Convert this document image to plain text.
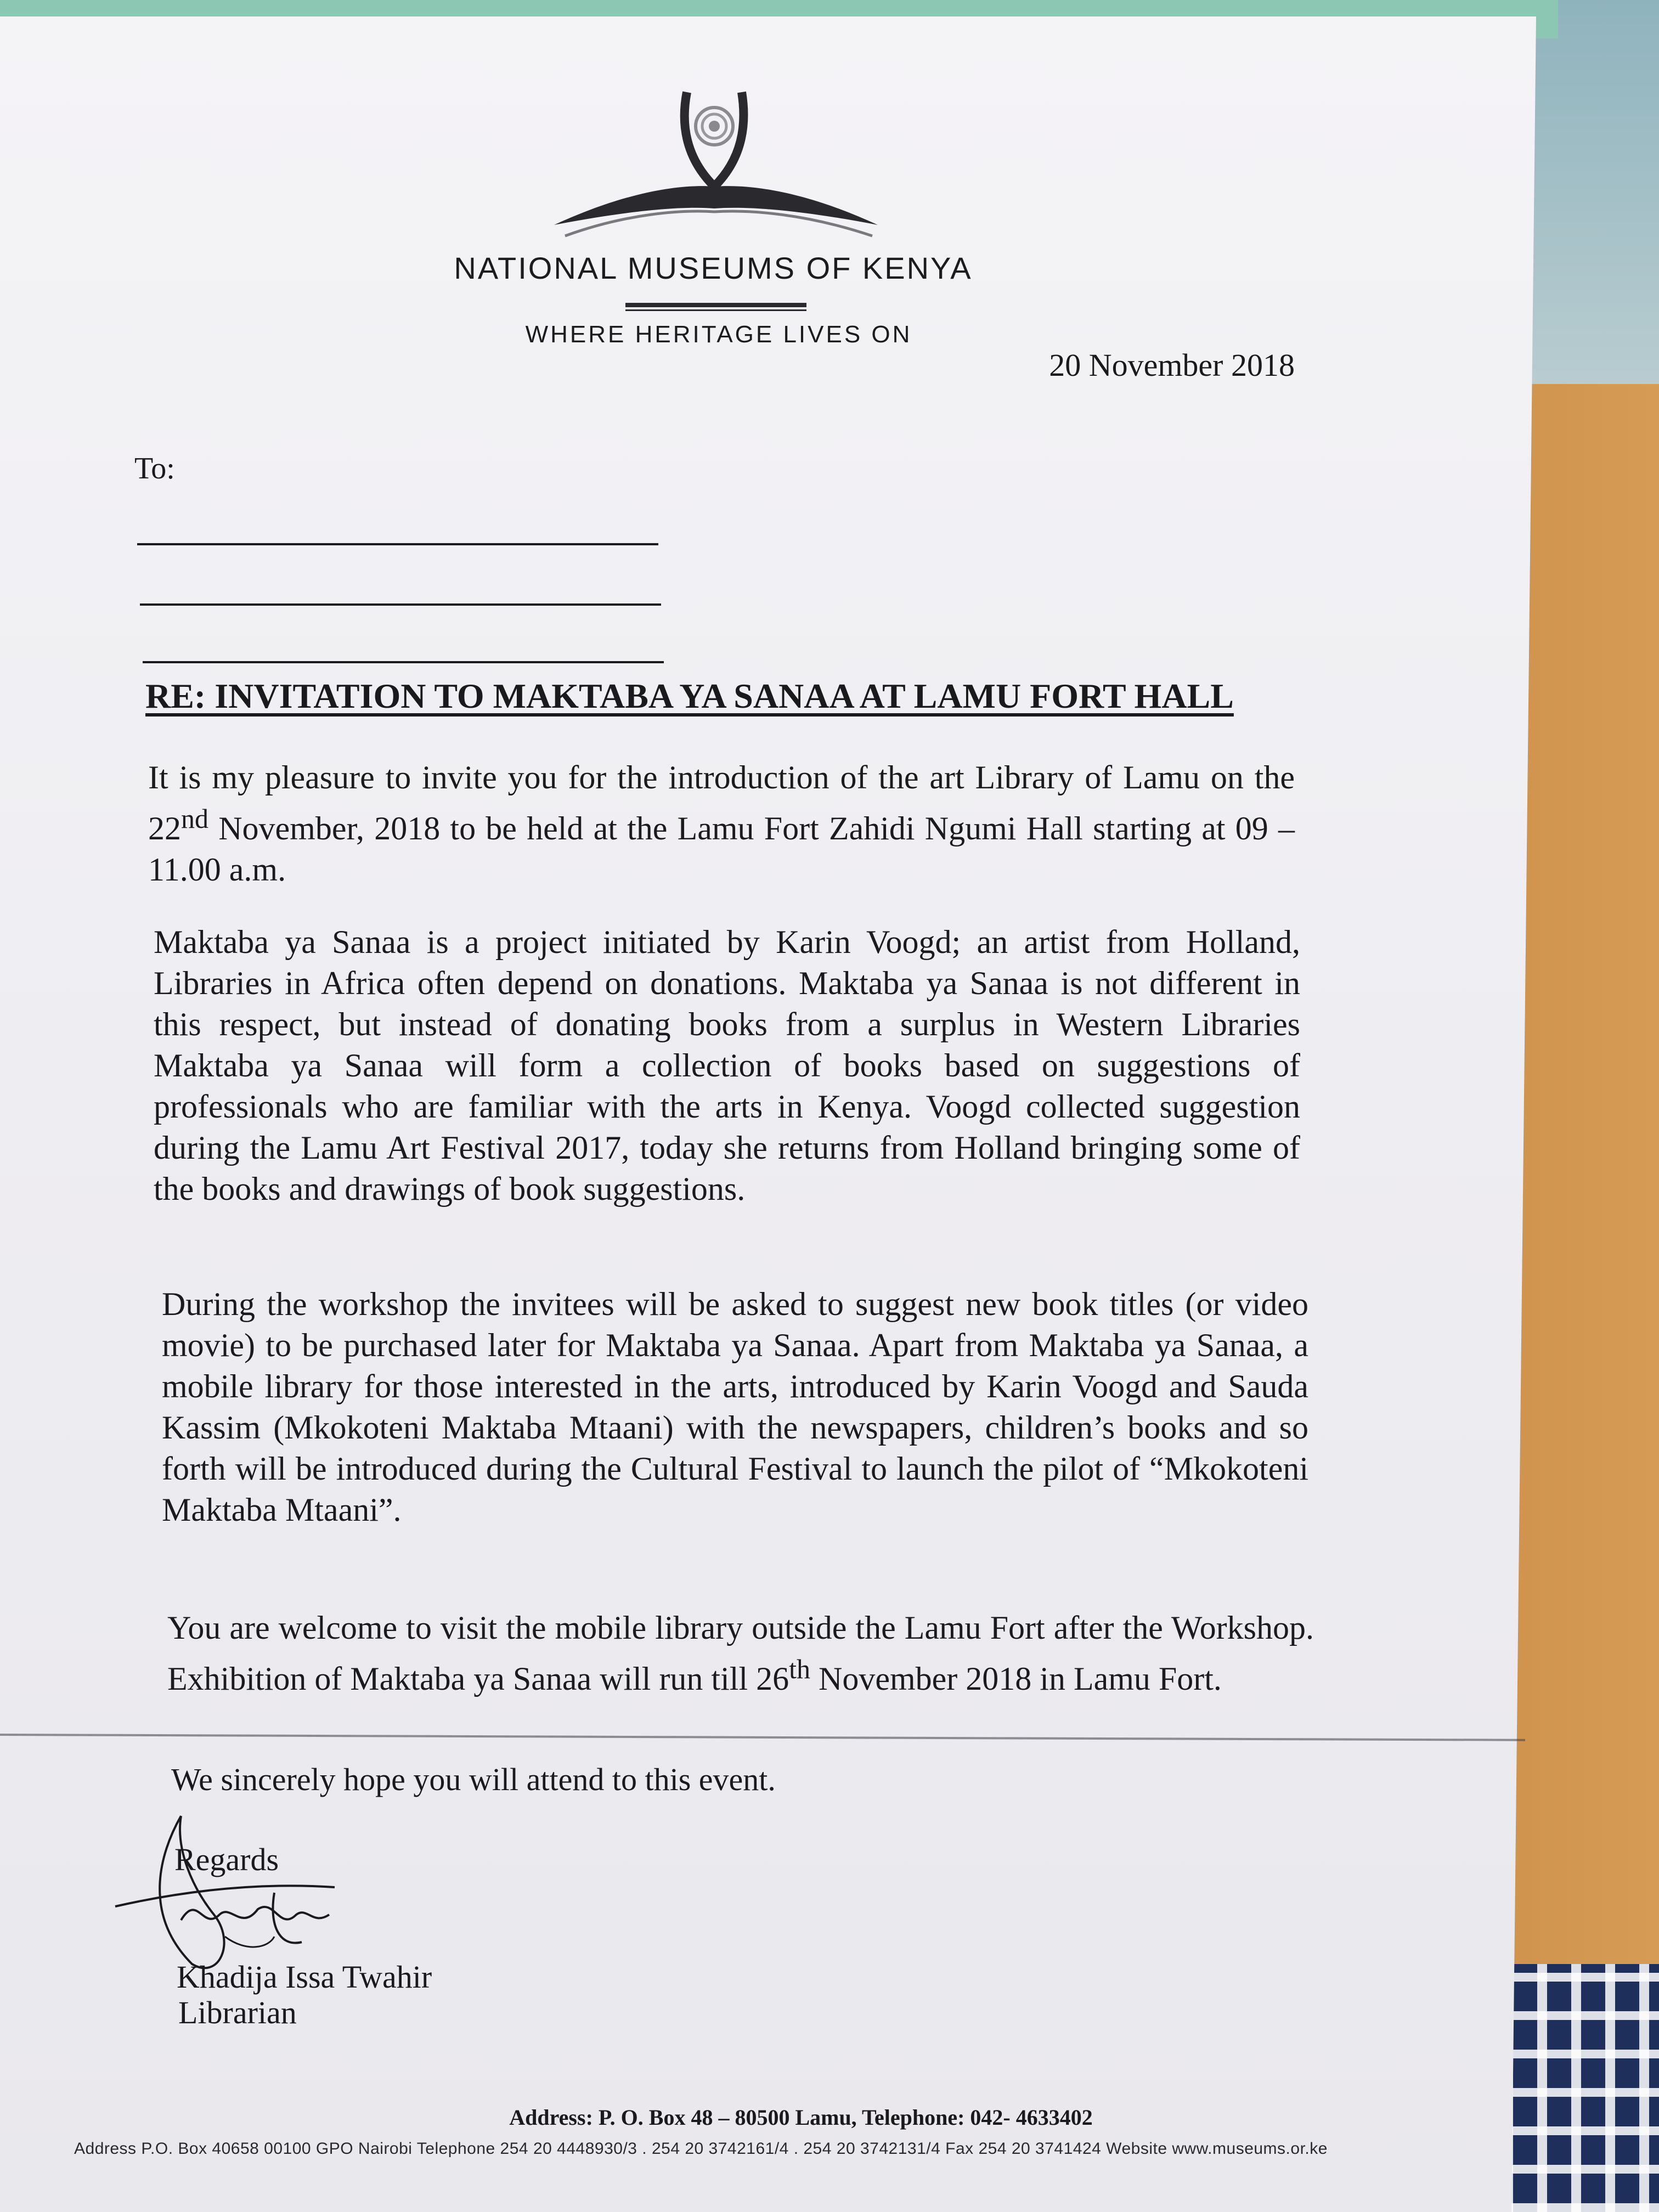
NATIONAL MUSEUMS OF KENYA
WHERE HERITAGE LIVES ON
20 November 2018
To:
RE: INVITATION TO MAKTABA YA SANAA AT LAMU FORT HALL
It is my pleasure to invite you for the introduction of the art Library of Lamu on the 22nd November, 2018 to be held at the Lamu Fort Zahidi Ngumi Hall starting at 09 – 11.00 a.m.
Maktaba ya Sanaa is a project initiated by Karin Voogd; an artist from Holland, Libraries in Africa often depend on donations. Maktaba ya Sanaa is not different in this respect, but instead of donating books from a surplus in Western Libraries Maktaba ya Sanaa will form a collection of books based on suggestions of professionals who are familiar with the arts in Kenya. Voogd collected suggestion during the Lamu Art Festival 2017, today she returns from Holland bringing some of the books and drawings of book suggestions.
During the workshop the invitees will be asked to suggest new book titles (or video movie) to be purchased later for Maktaba ya Sanaa. Apart from Maktaba ya Sanaa, a mobile library for those interested in the arts, introduced by Karin Voogd and Sauda Kassim (Mkokoteni Maktaba Mtaani) with the newspapers, children’s books and so forth will be introduced during the Cultural Festival to launch the pilot of “Mkokoteni Maktaba Mtaani”.
You are welcome to visit the mobile library outside the Lamu Fort after the Workshop. Exhibition of Maktaba ya Sanaa will run till 26th November 2018 in Lamu Fort.
We sincerely hope you will attend to this event.
Regards
Khadija Issa Twahir
Librarian
Address: P. O. Box 48 – 80500 Lamu, Telephone: 042- 4633402
Address P.O. Box 40658 00100 GPO Nairobi Telephone 254 20 4448930/3 . 254 20 3742161/4 . 254 20 3742131/4 Fax 254 20 3741424 Website www.museums.or.ke
